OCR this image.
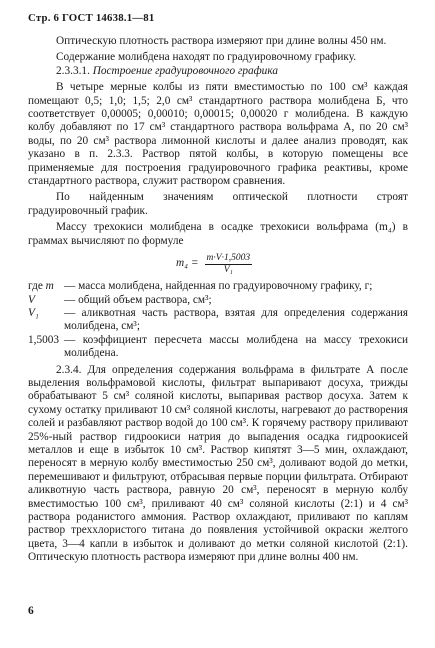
Стр. 6 ГОСТ 14638.1—81

Оптическую плотность раствора измеряют при длине волны 450 нм.

Содержание молибдена находят по градуировочному графику.

2.3.3.1. Построение градуировочного графика

В четыре мерные колбы из пяти вместимостью по 100 см³ каждая помещают 0,5; 1,0; 1,5; 2,0 см³ стандартного раствора молибдена Б, что соответствует 0,00005; 0,00010; 0,00015; 0,00020 г молибдена. В каждую колбу добавляют по 17 см³ стандартного раствора вольфрама А, по 20 см³ воды, по 20 см³ раствора лимонной кислоты и далее анализ проводят, как указано в п. 2.3.3. Раствор пятой колбы, в которую помещены все применяемые для построения градуировочного графика реактивы, кроме стандартного раствора, служит раствором сравнения.

По найденным значениям оптической плотности строят градуировочный график.

Массу трехокиси молибдена в осадке трехокиси вольфрама (m₄) в граммах вычисляют по формуле

$m_4 = \frac{m\cdot V\cdot 1,5003}{\text{V₁}}$
где m — масса молибдена, найденная по градуировочному графику, г;
V	— общий объем раствора, см³;
V₁	— аликвотная часть раствора, взятая для определения содержания молибдена, см³;
1,5003 — коэффициент пересчета массы молибдена на массу трехокиси молибдена.

2.3.4. Для определения содержания вольфрама в фильтрате А после выделения вольфрамовой кислоты, фильтрат выпаривают досуха, трижды обрабатывают 5 см³ соляной кислоты, выпаривая раствор досуха. Затем к сухому остатку приливают 10 см³ соляной кислоты, нагревают до растворения солей и разбавляют раствор водой до 100 см³. К горячему раствору приливают 25%-ный раствор гидроокиси натрия до выпадения осадка гидроокисей металлов и еще в избыток 10 см³. Раствор кипятят 3—5 мин, охлаждают, переносят в мерную колбу вместимостью 250 см³, доливают водой до метки, перемешивают и фильтруют, отбрасывая первые порции фильтрата. Отбирают аликвотную часть раствора, равную 20 см³, переносят в мерную колбу вместимостью 100 см³, приливают 40 см³ соляной кислоты (2:1) и 4 см³ раствора роданистого аммония. Раствор охлаждают, приливают по каплям раствор треххлористого титана до появления устойчивой окраски желтого цвета, 3—4 капли в избыток и доливают до метки соляной кислотой (2:1). Оптическую плотность раствора измеряют при длине волны 400 нм.

6
